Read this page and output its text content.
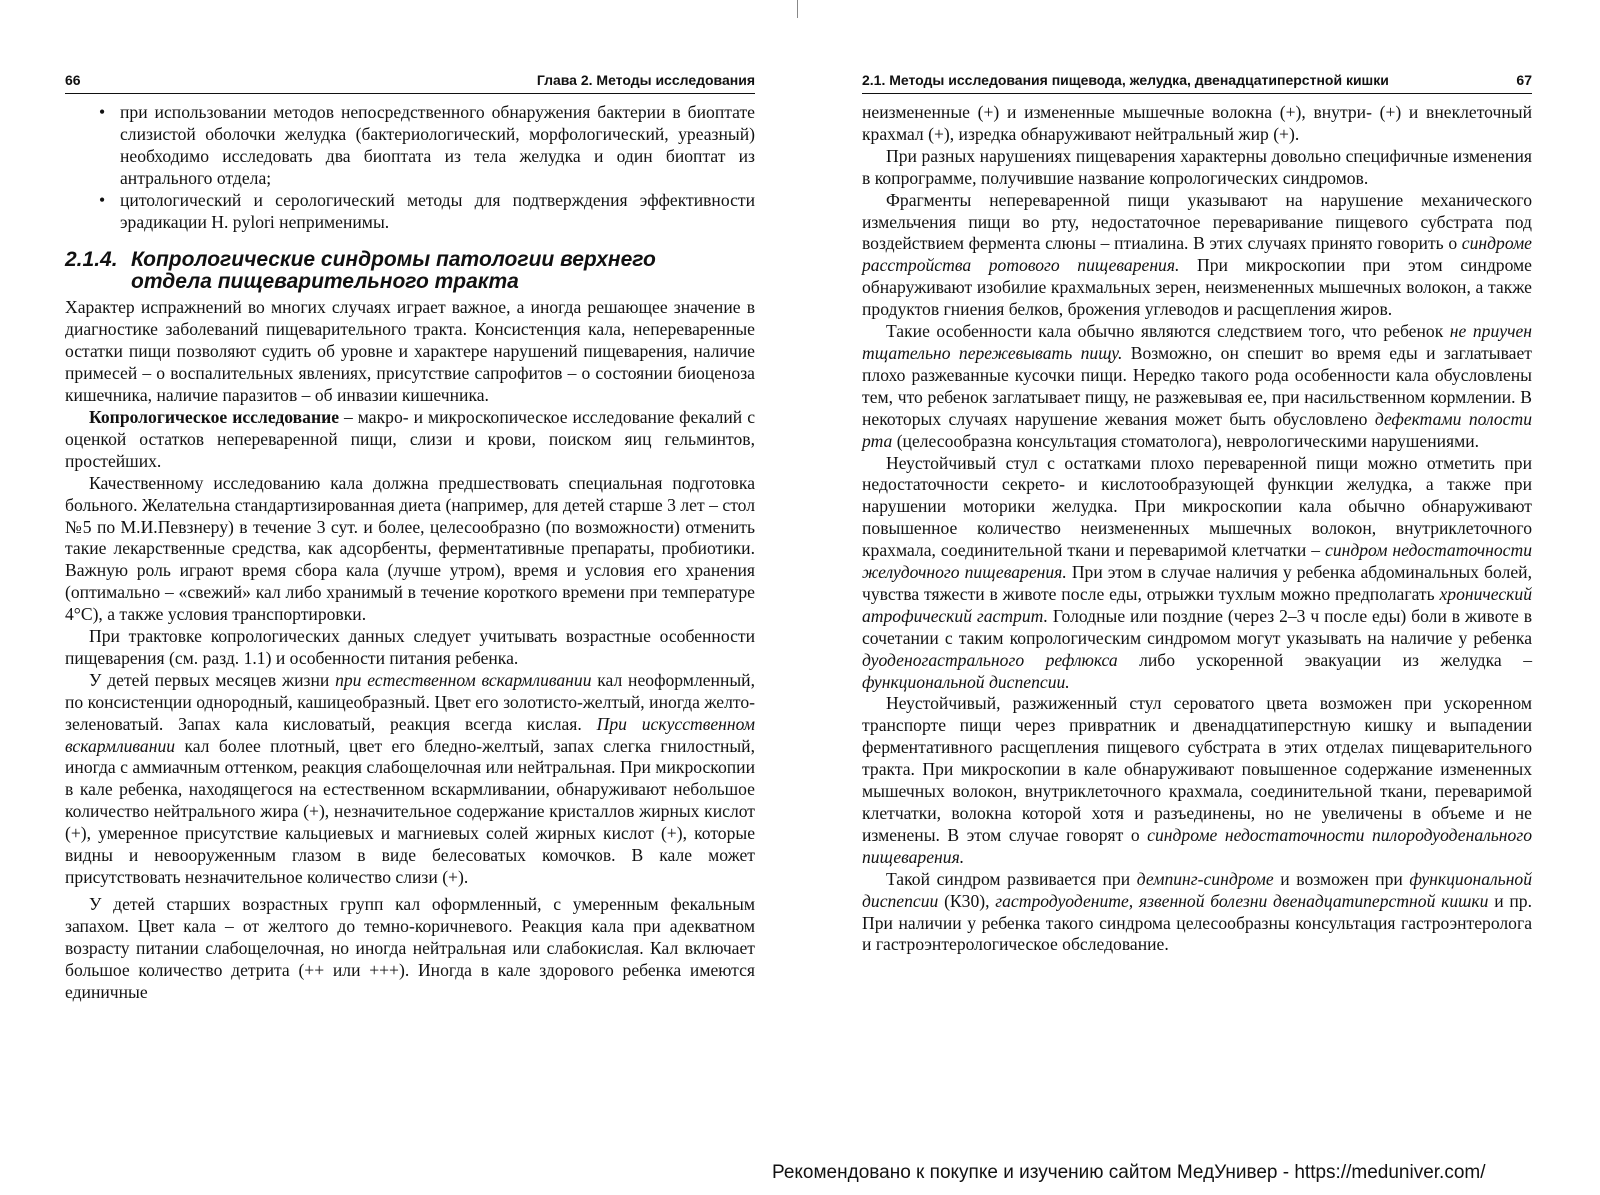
66	Глава 2. Методы исследования
• при использовании методов непосредственного обнаружения бактерии в биоптате слизистой оболочки желудка (бактериологический, морфологический, уреазный) необходимо исследовать два биоптата из тела желудка и один биоптат из антрального отдела;
• цитологический и серологический методы для подтверждения эффективности эрадикации H. pylori неприменимы.
2.1.4. Копрологические синдромы патологии верхнего
отдела пищеварительного тракта

Характер испражнений во многих случаях играет важное, а иногда решающее значение в диагностике заболеваний пищеварительного тракта. Консистенция кала, непереваренные остатки пищи позволяют судить об уровне и характере нарушений пищеварения, наличие примесей – о воспалительных явлениях, присутствие сапрофитов – о состоянии биоценоза кишечника, наличие паразитов – об инвазии кишечника.

Копрологическое исследование – макро- и микроскопическое исследование фекалий с оценкой остатков непереваренной пищи, слизи и крови, поиском яиц гельминтов, простейших.

Качественному исследованию кала должна предшествовать специальная подготовка больного. Желательна стандартизированная диета (например, для детей старше 3 лет – стол №5 по М.И.Певзнеру) в течение 3 сут. и более, целесообразно (по возможности) отменить такие лекарственные средства, как адсорбенты, ферментативные препараты, пробиотики. Важную роль играют время сбора кала (лучше утром), время и условия его хранения (оптимально – «свежий» кал либо хранимый в течение короткого времени при температуре 4°С), а также условия транспортировки.

При трактовке копрологических данных следует учитывать возрастные особенности пищеварения (см. разд. 1.1) и особенности питания ребенка.

У детей первых месяцев жизни при естественном вскармливании кал неоформленный, по консистенции однородный, кашицеобразный. Цвет его золотисто-желтый, иногда желто-зеленоватый. Запах кала кисловатый, реакция всегда кислая. При искусственном вскармливании кал более плотный, цвет его бледно-желтый, запах слегка гнилостный, иногда с аммиачным оттенком, реакция слабощелочная или нейтральная. При микроскопии в кале ребенка, находящегося на естественном вскармливании, обнаруживают небольшое количество нейтрального жира (+), незначительное содержание кристаллов жирных кислот (+), умеренное присутствие кальциевых и магниевых солей жирных кислот (+), которые видны и невооруженным глазом в виде белесоватых комочков. В кале может присутствовать незначительное количество слизи (+).

У детей старших возрастных групп кал оформленный, с умеренным фекальным запахом. Цвет кала – от желтого до темно-коричневого. Реакция кала при адекватном возрасту питании слабощелочная, но иногда нейтральная или слабокислая. Кал включает большое количество детрита (++ или +++). Иногда в кале здорового ребенка имеются единичные

2.1. Методы исследования пищевода, желудка, двенадцатиперстной кишки	67

неизмененные (+) и измененные мышечные волокна (+), внутри- (+) и внеклеточный крахмал (+), изредка обнаруживают нейтральный жир (+).

При разных нарушениях пищеварения характерны довольно специфичные изменения в копрограмме, получившие название копрологических синдромов.

Фрагменты непереваренной пищи указывают на нарушение механического измельчения пищи во рту, недостаточное переваривание пищевого субстрата под воздействием фермента слюны – птиалина. В этих случаях принято говорить о синдроме расстройства ротового пищеварения. При микроскопии при этом синдроме обнаруживают изобилие крахмальных зерен, неизмененных мышечных волокон, а также продуктов гниения белков, брожения углеводов и расщепления жиров.

Такие особенности кала обычно являются следствием того, что ребенок не приучен тщательно пережевывать пищу. Возможно, он спешит во время еды и заглатывает плохо разжеванные кусочки пищи. Нередко такого рода особенности кала обусловлены тем, что ребенок заглатывает пищу, не разжевывая ее, при насильственном кормлении. В некоторых случаях нарушение жевания может быть обусловлено дефектами полости рта (целесообразна консультация стоматолога), неврологическими нарушениями.

Неустойчивый стул с остатками плохо переваренной пищи можно отметить при недостаточности секрето- и кислотообразующей функции желудка, а также при нарушении моторики желудка. При микроскопии кала обычно обнаруживают повышенное количество неизмененных мышечных волокон, внутриклеточного крахмала, соединительной ткани и переваримой клетчатки – синдром недостаточности желудочного пищеварения. При этом в случае наличия у ребенка абдоминальных болей, чувства тяжести в животе после еды, отрыжки тухлым можно предполагать хронический атрофический гастрит. Голодные или поздние (через 2–3 ч после еды) боли в животе в сочетании с таким копрологическим синдромом могут указывать на наличие у ребенка дуоденогастрального рефлюкса либо ускоренной эвакуации из желудка – функциональной диспепсии.

Неустойчивый, разжиженный стул сероватого цвета возможен при ускоренном транспорте пищи через привратник и двенадцатиперстную кишку и выпадении ферментативного расщепления пищевого субстрата в этих отделах пищеварительного тракта. При микроскопии в кале обнаруживают повышенное содержание измененных мышечных волокон, внутриклеточного крахмала, соединительной ткани, переваримой клетчатки, волокна которой хотя и разъединены, но не увеличены в объеме и не изменены. В этом случае говорят о синдроме недостаточности пилородуоденального пищеварения.

Такой синдром развивается при демпинг-синдроме и возможен при функциональной диспепсии (К30), гастродуодените, язвенной болезни двенадцатиперстной кишки и пр. При наличии у ребенка такого синдрома целесообразны консультация гастроэнтеролога и гастроэнтерологическое обследование.

Рекомендовано к покупке и изучению сайтом МедУнивер - https://meduniver.com/
